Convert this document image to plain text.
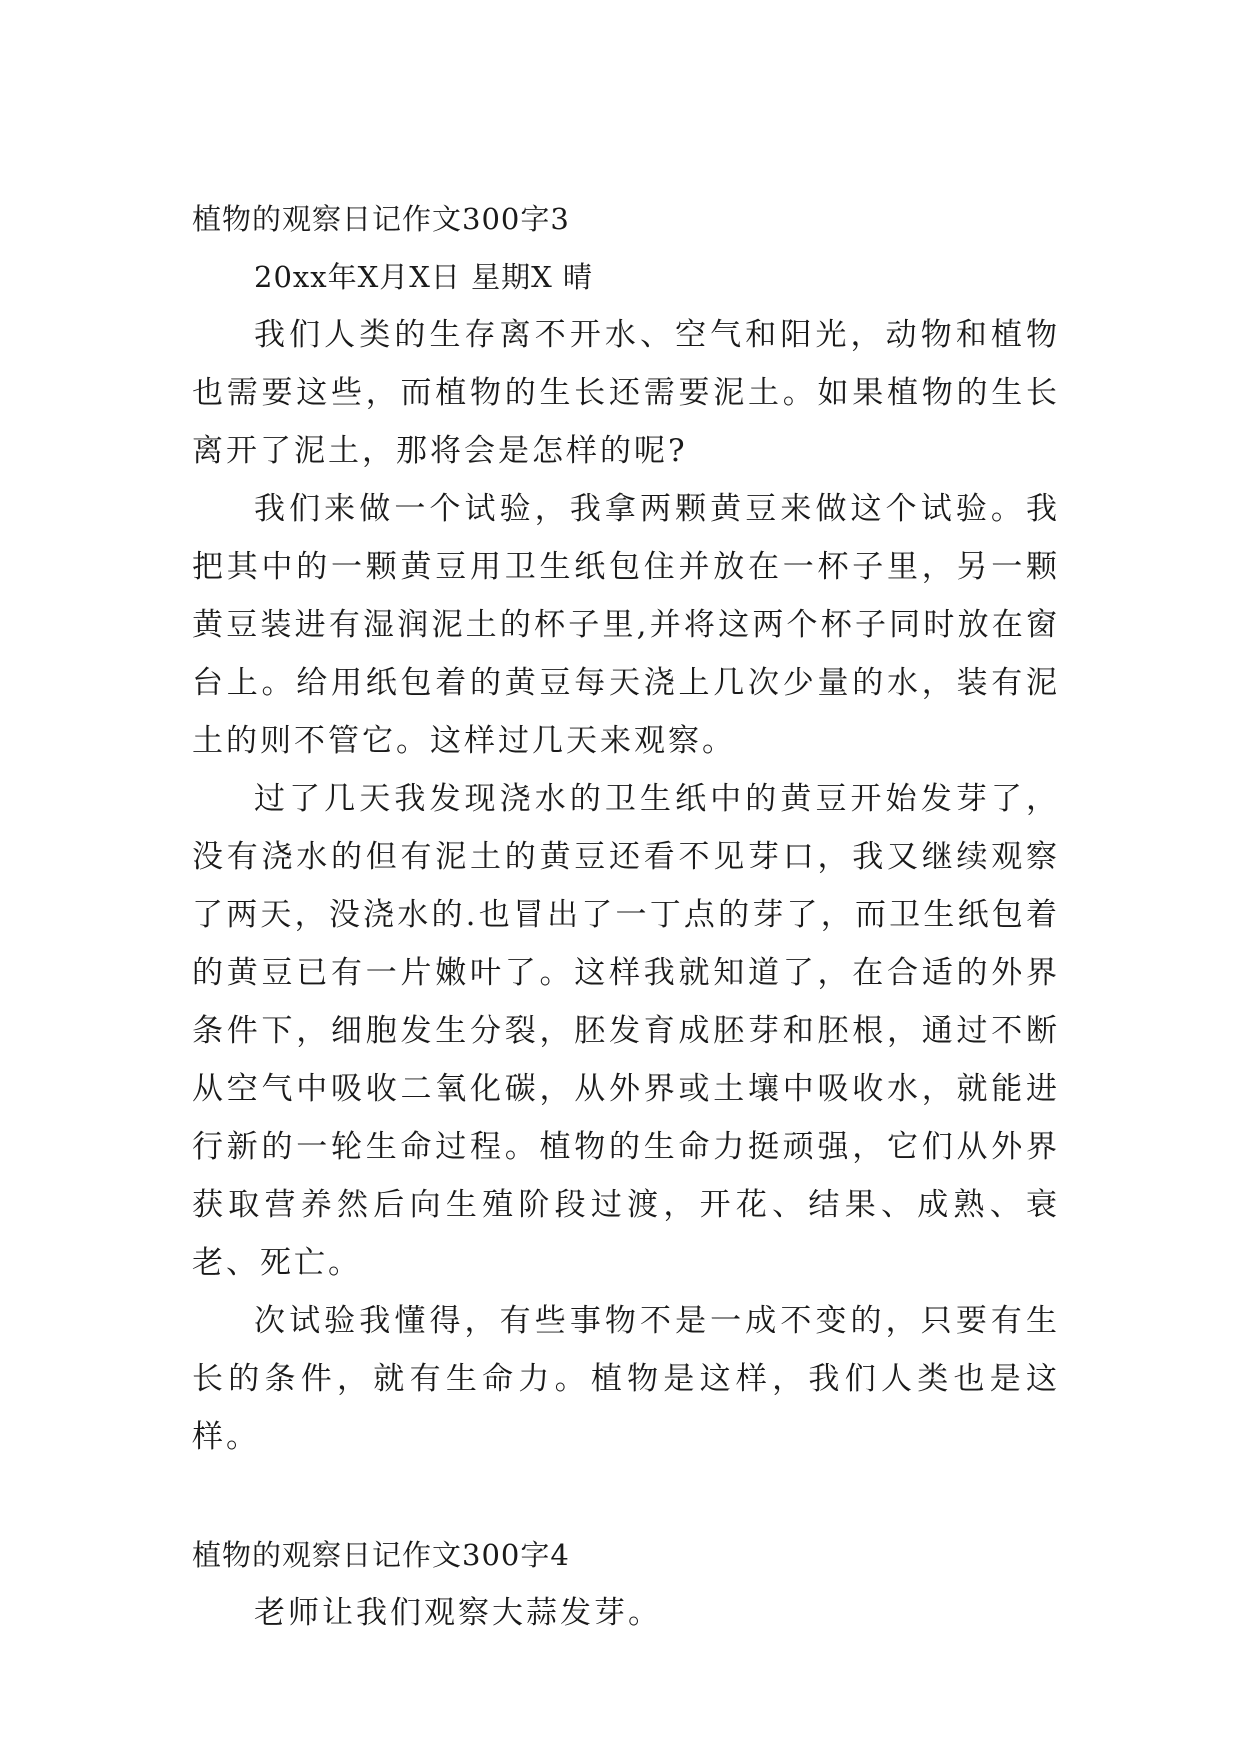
植物的观察日记作文300字3

20xx年X月X日 星期X 晴

我们人类的生存离不开水、空气和阳光，动物和植物也需要这些，而植物的生长还需要泥土。如果植物的生长离开了泥土，那将会是怎样的呢?

我们来做一个试验，我拿两颗黄豆来做这个试验。我把其中的一颗黄豆用卫生纸包住并放在一杯子里，另一颗黄豆装进有湿润泥土的杯子里,并将这两个杯子同时放在窗台上。给用纸包着的黄豆每天浇上几次少量的水，装有泥土的则不管它。这样过几天来观察。

过了几天我发现浇水的卫生纸中的黄豆开始发芽了，没有浇水的但有泥土的黄豆还看不见芽口，我又继续观察了两天，没浇水的.也冒出了一丁点的芽了，而卫生纸包着的黄豆已有一片嫩叶了。这样我就知道了，在合适的外界条件下，细胞发生分裂，胚发育成胚芽和胚根，通过不断从空气中吸收二氧化碳，从外界或土壤中吸收水，就能进行新的一轮生命过程。植物的生命力挺顽强，它们从外界获取营养然后向生殖阶段过渡，开花、结果、成熟、衰老、死亡。

次试验我懂得，有些事物不是一成不变的，只要有生长的条件，就有生命力。植物是这样，我们人类也是这样。

植物的观察日记作文300字4

老师让我们观察大蒜发芽。
